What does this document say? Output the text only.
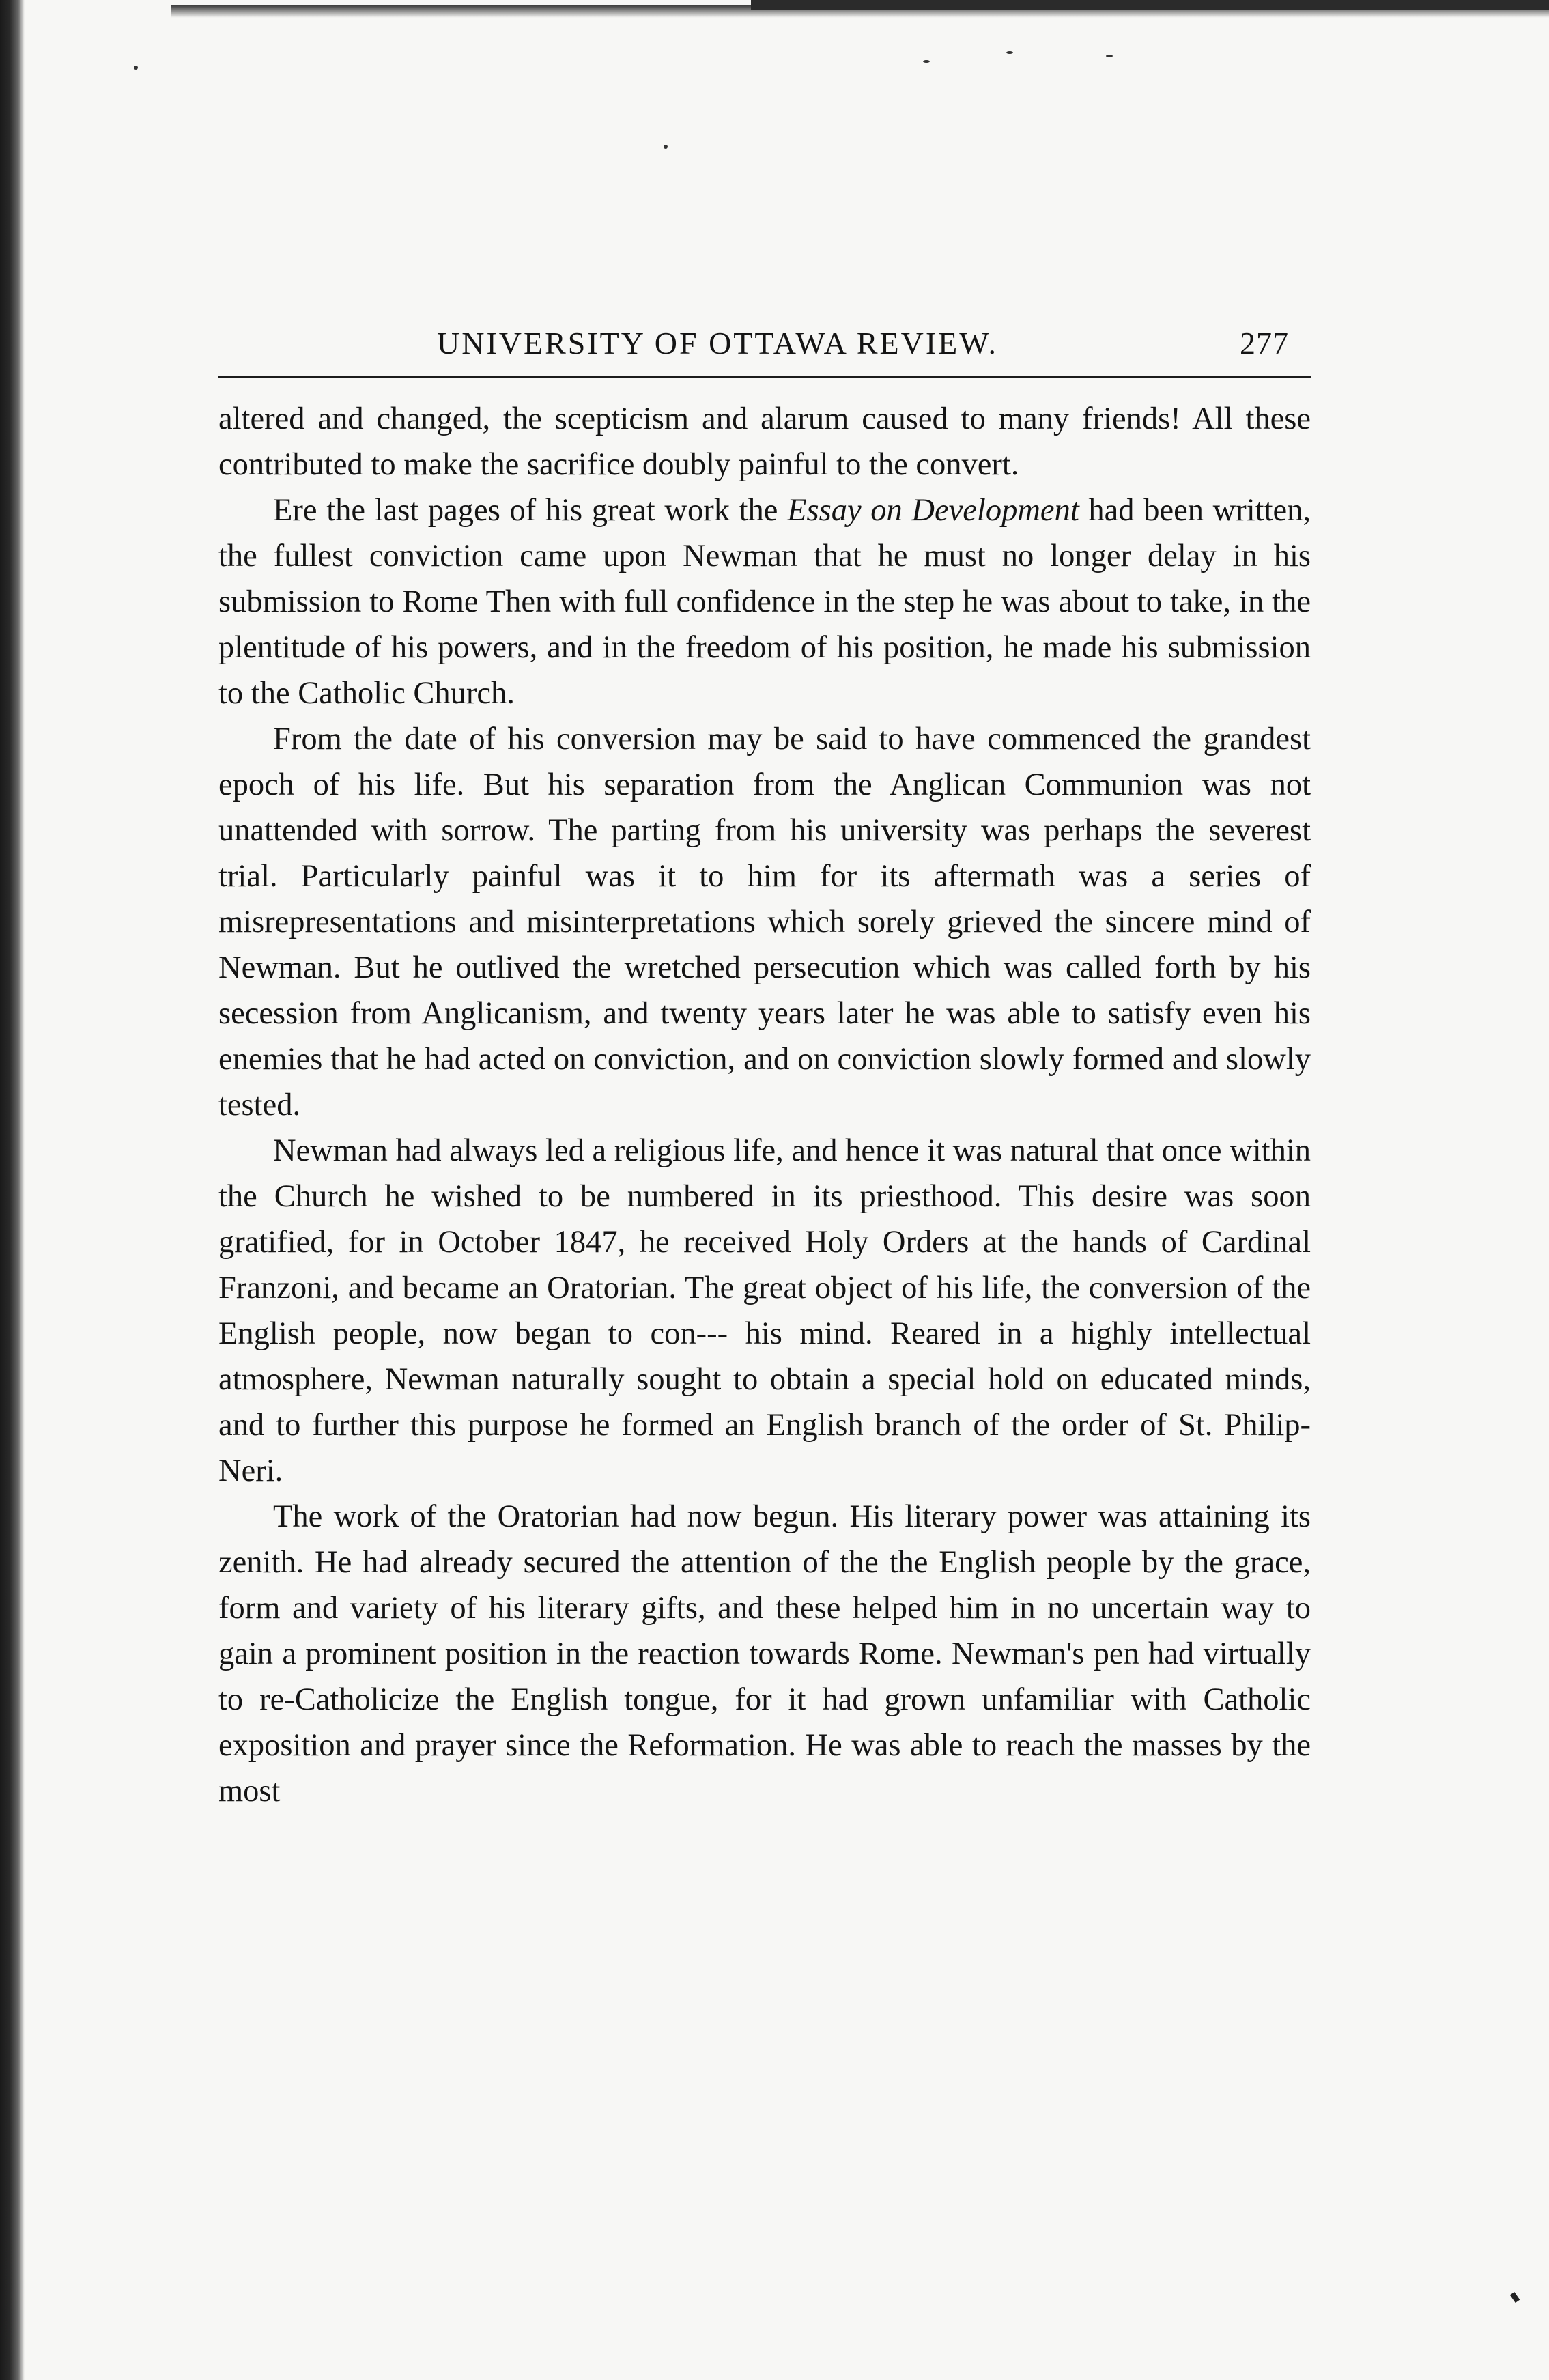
UNIVERSITY OF OTTAWA REVIEW.	277

altered and changed, the scepticism and alarum caused to many friends! All these contributed to make the sacrifice doubly painful to the convert.

Ere the last pages of his great work the Essay on Development had been written, the fullest conviction came upon Newman that he must no longer delay in his submission to Rome Then with full confidence in the step he was about to take, in the plentitude of his powers, and in the freedom of his position, he made his submission to the Catholic Church.

From the date of his conversion may be said to have commenced the grandest epoch of his life. But his separation from the Anglican Communion was not unattended with sorrow. The parting from his university was perhaps the severest trial. Particularly painful was it to him for its aftermath was a series of misrepresentations and misinterpretations which sorely grieved the sincere mind of Newman. But he outlived the wretched persecution which was called forth by his secession from Anglicanism, and twenty years later he was able to satisfy even his enemies that he had acted on conviction, and on conviction slowly formed and slowly tested.

Newman had always led a religious life, and hence it was natural that once within the Church he wished to be numbered in its priesthood. This desire was soon gratified, for in October 1847, he received Holy Orders at the hands of Cardinal Franzoni, and became an Oratorian. The great object of his life, the conversion of the English people, now began to con--- his mind. Reared in a highly intellectual atmosphere, Newman naturally sought to obtain a special hold on educated minds, and to further this purpose he formed an English branch of the order of St. Philip-Neri.

The work of the Oratorian had now begun. His literary power was attaining its zenith. He had already secured the attention of the the English people by the grace, form and variety of his literary gifts, and these helped him in no uncertain way to gain a prominent position in the reaction towards Rome. Newman's pen had virtually to re-Catholicize the English tongue, for it had grown unfamiliar with Catholic exposition and prayer since the Reformation. He was able to reach the masses by the most
